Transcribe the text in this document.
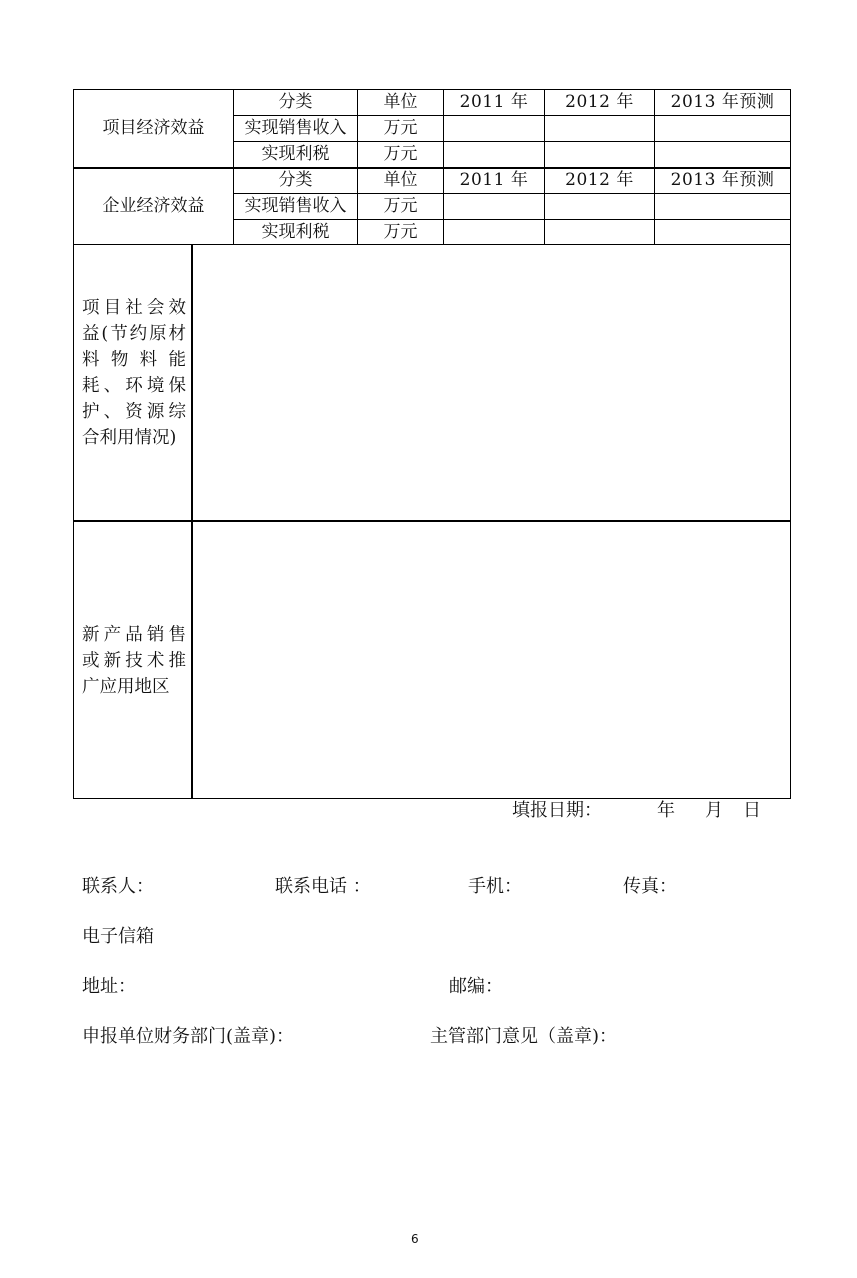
项目经济效益
分类	单位	2011 年	2012 年	2013 年预测
实现销售收入	万元
实现利税	万元
企业经济效益
分类	单位	2011 年	2012 年	2013 年预测
实现销售收入	万元
实现利税	万元
项目社会效益(节约原材料物料能耗、环境保护、资源综合利用情况)
新产品销售或新技术推广应用地区
填报日期：	年 月 日
联系人：	联系电话 ：	手机：	传真：
电子信箱
地址：	邮编：
申报单位财务部门(盖章)：	主管部门意见（盖章)：
6
